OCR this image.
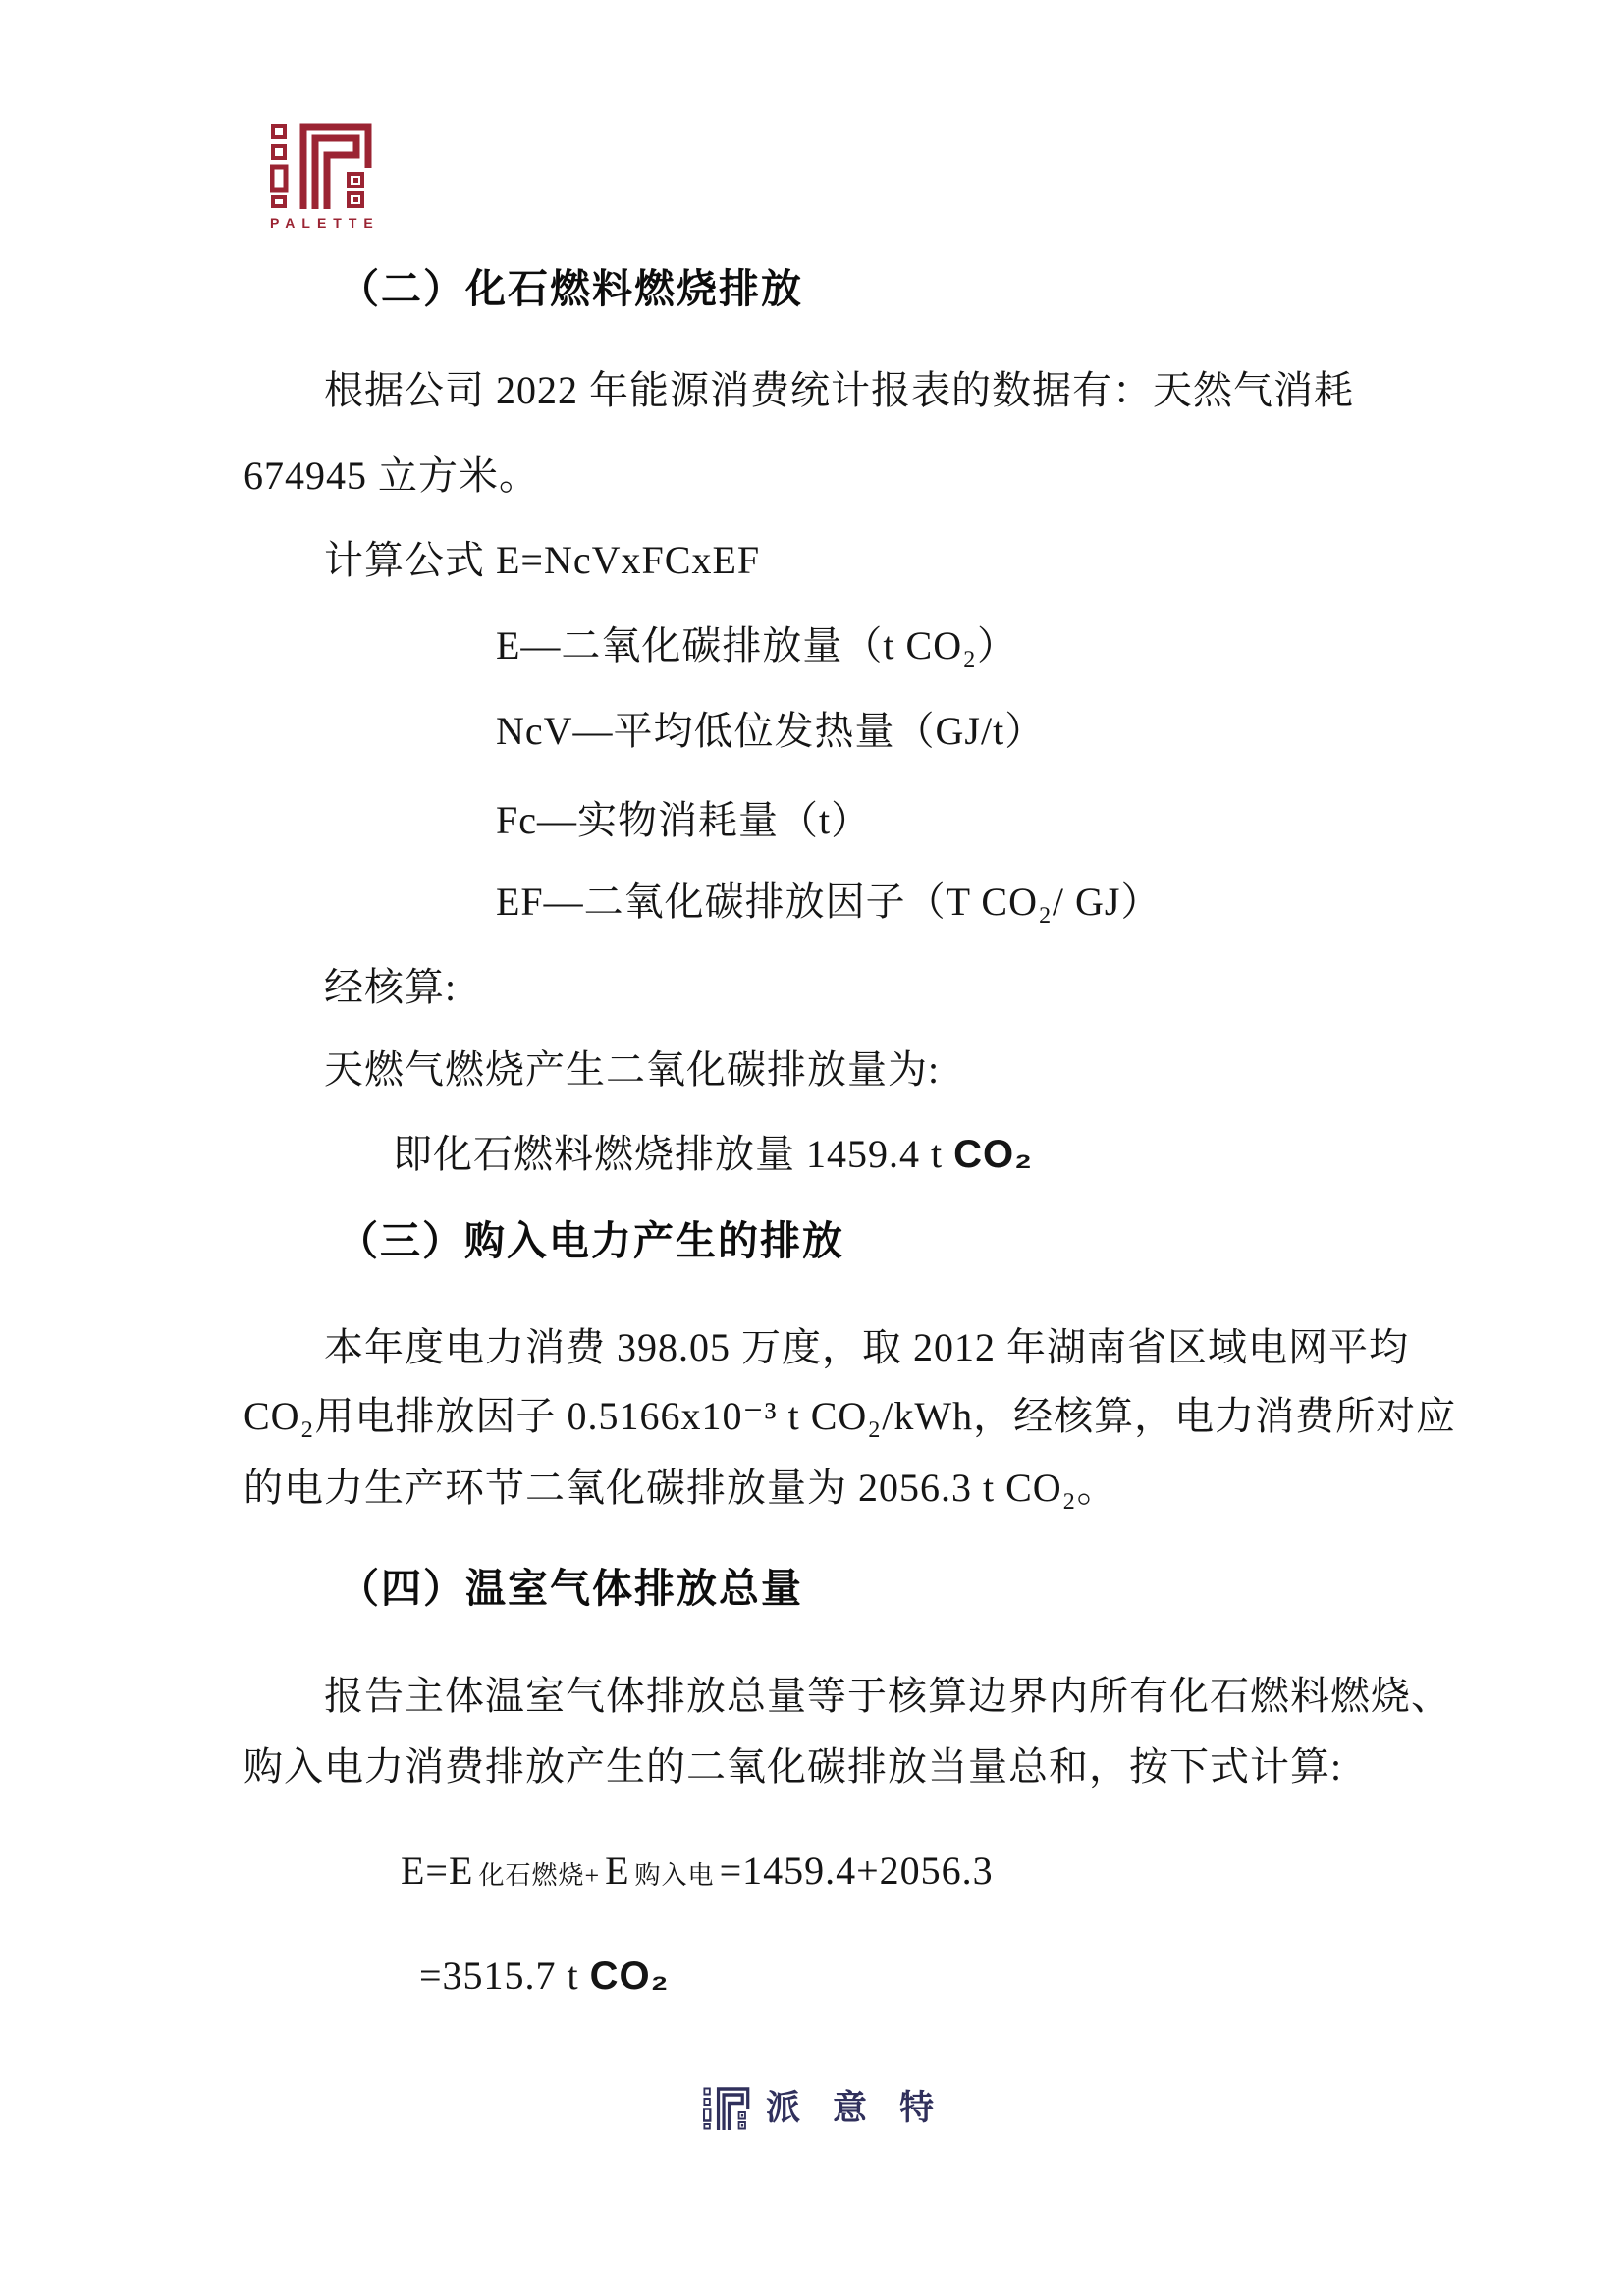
PALETTE
（二）化石燃料燃烧排放
根据公司 2022 年能源消费统计报表的数据有：天然气消耗
674945 立方米。
计算公式 E=NcVxFCxEF
E—二氧化碳排放量（t CO₂）
NcV—平均低位发热量（GJ/t）
Fc—实物消耗量（t）
EF—二氧化碳排放因子（T CO₂/ GJ）
经核算:
天燃气燃烧产生二氧化碳排放量为:
即化石燃料燃烧排放量 1459.4 t CO₂
（三）购入电力产生的排放
本年度电力消费 398.05 万度，取 2012 年湖南省区域电网平均
CO₂用电排放因子 0.5166x10⁻³ t CO₂/kWh，经核算，电力消费所对应
的电力生产环节二氧化碳排放量为 2056.3 t CO₂。
（四）温室气体排放总量
报告主体温室气体排放总量等于核算边界内所有化石燃料燃烧、
购入电力消费排放产生的二氧化碳排放当量总和，按下式计算:
E=E 化石燃烧+ E 购入电 =1459.4+2056.3
=3515.7 t CO₂
派意特
